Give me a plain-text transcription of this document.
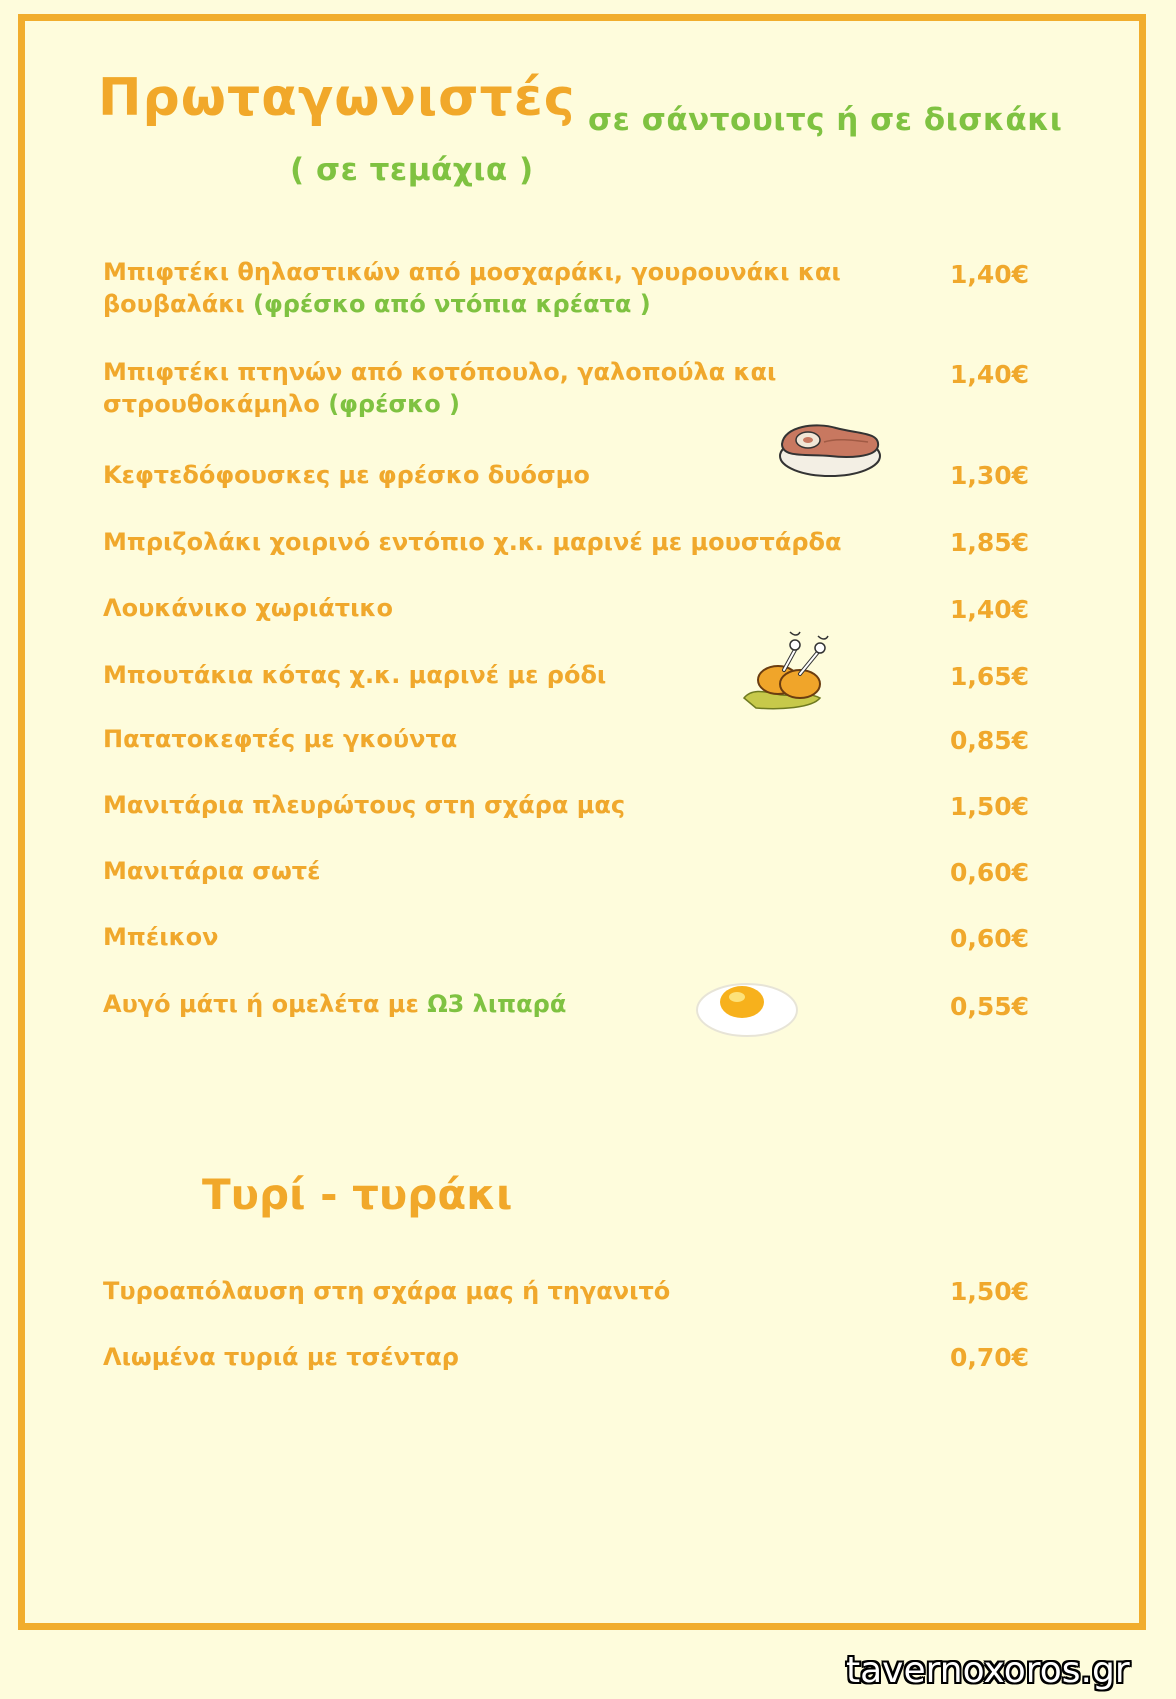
Πρωταγωνιστές σε σάντουιτς ή σε δισκάκι
( σε τεμάχια )
Μπιφτέκι θηλαστικών από μοσχαράκι, γουρουνάκι και
βουβαλάκι (φρέσκο από ντόπια κρέατα )
1,40€
Μπιφτέκι πτηνών από κοτόπουλο, γαλοπούλα και
στρουθοκάμηλο (φρέσκο )
1,40€
Κεφτεδόφουσκες με φρέσκο δυόσμο	1,30€
Μπριζολάκι χοιρινό εντόπιο χ.κ. μαρινέ με μουστάρδα	1,85€
Λουκάνικο χωριάτικο	1,40€
Μπουτάκια κότας χ.κ. μαρινέ με ρόδι	1,65€
Πατατοκεφτές με γκούντα	0,85€
Μανιτάρια πλευρώτους στη σχάρα μας	1,50€
Μανιτάρια σωτέ	0,60€
Μπέικον	0,60€
Αυγό μάτι ή ομελέτα με Ω3 λιπαρά	0,55€
Τυρί - τυράκι
Τυροαπόλαυση στη σχάρα μας ή τηγανιτό	1,50€
Λιωμένα τυριά με τσένταρ	0,70€
tavernoxoros.gr
